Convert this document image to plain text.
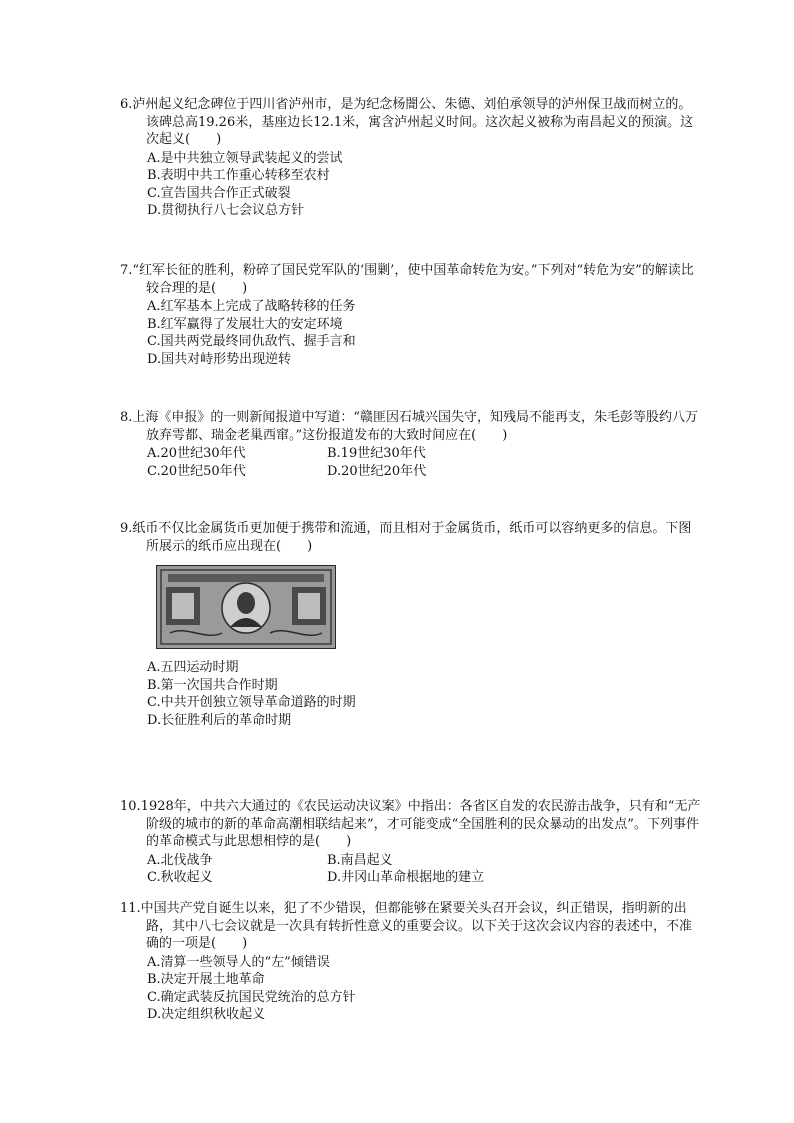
6.泸州起义纪念碑位于四川省泸州市，是为纪念杨闇公、朱德、刘伯承领导的泸州保卫战而树立的。该碑总高19.26米，基座边长12.1米，寓含泸州起义时间。这次起义被称为南昌起义的预演。这次起义(　　)

A.是中共独立领导武装起义的尝试
B.表明中共工作重心转移至农村
C.宣告国共合作正式破裂
D.贯彻执行八七会议总方针

7.“红军长征的胜利，粉碎了国民党军队的‘围剿’，使中国革命转危为安。”下列对“转危为安”的解读比较合理的是(　　)

A.红军基本上完成了战略转移的任务
B.红军赢得了发展壮大的安定环境
C.国共两党最终同仇敌忾、握手言和
D.国共对峙形势出现逆转

8.上海《申报》的一则新闻报道中写道：“赣匪因石城兴国失守，知残局不能再支，朱毛彭等股约八万放弃雩都、瑞金老巢西窜。”这份报道发布的大致时间应在(　　)

A.20世纪30年代	B.19世纪30年代
C.20世纪50年代	D.20世纪20年代

9.纸币不仅比金属货币更加便于携带和流通，而且相对于金属货币，纸币可以容纳更多的信息。下图所展示的纸币应出现在(　　)

A.五四运动时期
B.第一次国共合作时期
C.中共开创独立领导革命道路的时期
D.长征胜利后的革命时期

10.1928年，中共六大通过的《农民运动决议案》中指出：各省区自发的农民游击战争，只有和“无产阶级的城市的新的革命高潮相联结起来”，才可能变成“全国胜利的民众暴动的出发点”。下列事件的革命模式与此思想相悖的是(　　)

A.北伐战争	B.南昌起义
C.秋收起义	D.井冈山革命根据地的建立

11.中国共产党自诞生以来，犯了不少错误，但都能够在紧要关头召开会议，纠正错误，指明新的出路，其中八七会议就是一次具有转折性意义的重要会议。以下关于这次会议内容的表述中，不准确的一项是(　　)

A.清算一些领导人的“左”倾错误
B.决定开展土地革命
C.确定武装反抗国民党统治的总方针
D.决定组织秋收起义
